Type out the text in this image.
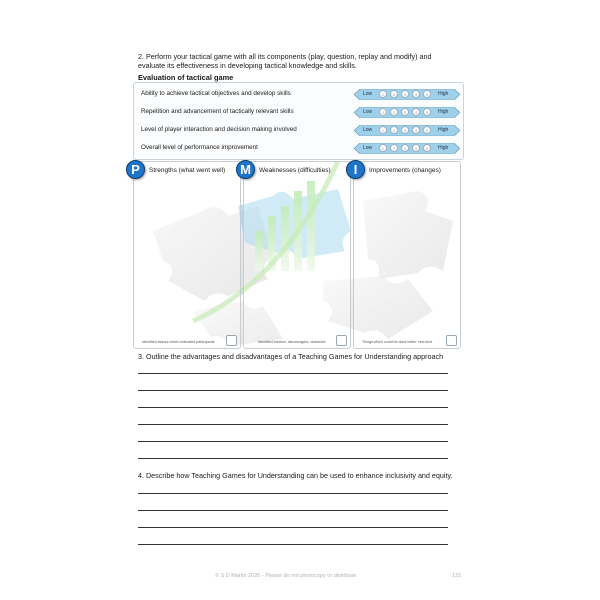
2. Perform your tactical game with all its components (play, question, replay and modify) and
evaluate its effectiveness in developing tactical knowledge and skills.
Evaluation of tactical game
Ability to achieve tactical objectives and develop skills	Low	1	2	3	4	5	High
Repetition and advancement of tactically relevant skills	Low	1	2	3	4	5	High
Level of player interaction and decision making involved	Low	1	2	3	4	5	High
Overall level of performance improvement	Low	1	2	3	4	5	High
P	Strengths (what went well)
Identified factors which motivated participants
M	Weaknesses (difficulties)
Identified barriers, discouragers, obstacles
I	Improvements (changes)
Things which could be done better next time
3. Outline the advantages and disadvantages of a Teaching Games for Understanding approach
4. Describe how Teaching Games for Understanding can be used to enhance inclusivity and equity.
© S D Martin 2026 - Please do not photocopy or distribute	132
